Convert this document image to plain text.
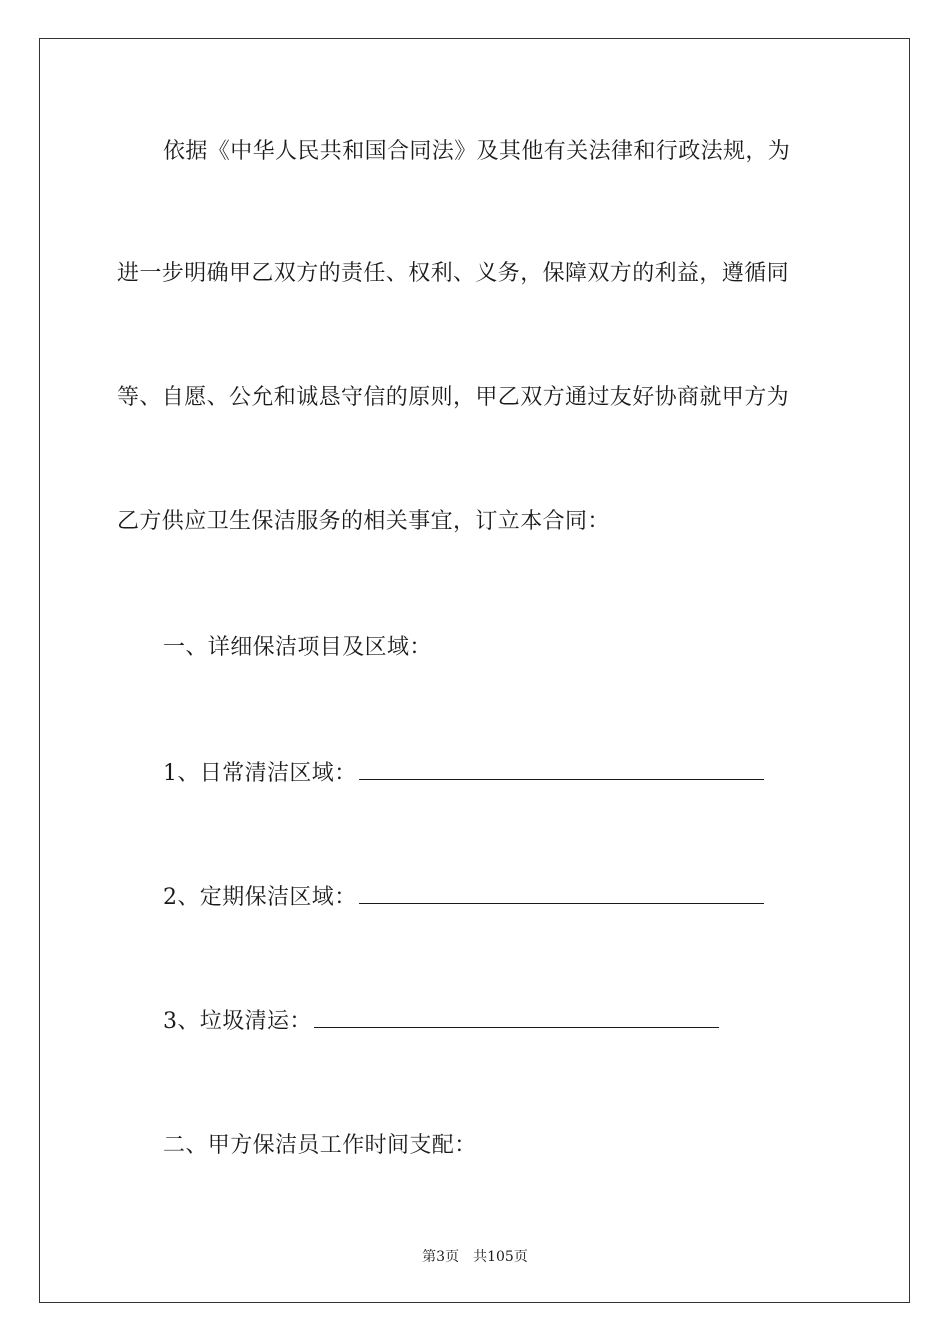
依据《中华人民共和国合同法》及其他有关法律和行政法规，为
进一步明确甲乙双方的责任、权利、义务，保障双方的利益，遵循同
等、自愿、公允和诚恳守信的原则，甲乙双方通过友好协商就甲方为
乙方供应卫生保洁服务的相关事宜，订立本合同：
一、详细保洁项目及区域：
1、日常清洁区域：
2、定期保洁区域：
3、垃圾清运：
二、甲方保洁员工作时间支配：
第3页 共105页
